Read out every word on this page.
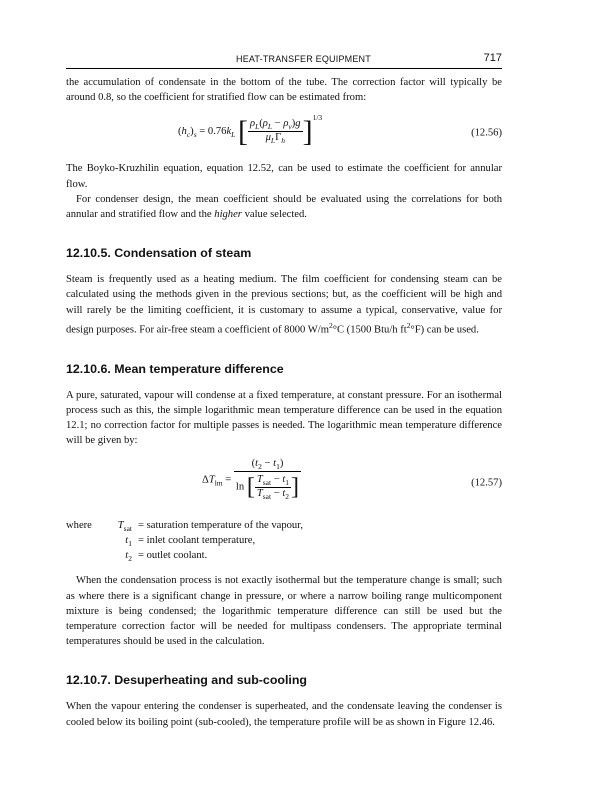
HEAT-TRANSFER EQUIPMENT	717

the accumulation of condensate in the bottom of the tube. The correction factor will typically be around 0.8, so the coefficient for stratified flow can be estimated from:

$(h_c)_s = 0.76k_L$ [ $\frac{\rho_L(\rho_L - \rho_v)g}{\mu_L\Gamma_h} ]^{1/3}$
(12.56)

The Boyko-Kruzhilin equation, equation 12.52, can be used to estimate the coefficient for annular flow.

For condenser design, the mean coefficient should be evaluated using the correlations for both annular and stratified flow and the higher value selected.

12.10.5. Condensation of steam

Steam is frequently used as a heating medium. The film coefficient for condensing steam can be calculated using the methods given in the previous sections; but, as the coefficient will be high and will rarely be the limiting coefficient, it is customary to assume a typical, conservative, value for design purposes. For air-free steam a coefficient of 8000 $W/m^2^\circ C$ (1500 Btu/h $ft^2^\circ F$) can be used.

12.10.6. Mean temperature difference

A pure, saturated, vapour will condense at a fixed temperature, at constant pressure. For an isothermal process such as this, the simple logarithmic mean temperature difference can be used in the equation 12.1; no correction factor for multiple passes is needed. The logarithmic mean temperature difference will be given by:

$\Delta T_{lm} = \frac{(t_2 - t_1)}{\ln [ \frac{T_{sat} - t_1}{T_{sat} - t_2} ]}$	(12.57)
where	$T_{sat}$ = saturation temperature of the vapour,
$t_1$ = inlet coolant temperature,
$t_2$ = outlet coolant.

When the condensation process is not exactly isothermal but the temperature change is small; such as where there is a significant change in pressure, or where a narrow boiling range multicomponent mixture is being condensed; the logarithmic temperature difference can still be used but the temperature correction factor will be needed for multipass condensers. The appropriate terminal temperatures should be used in the calculation.

12.10.7. Desuperheating and sub-cooling

When the vapour entering the condenser is superheated, and the condensate leaving the condenser is cooled below its boiling point (sub-cooled), the temperature profile will be as shown in Figure 12.46.
